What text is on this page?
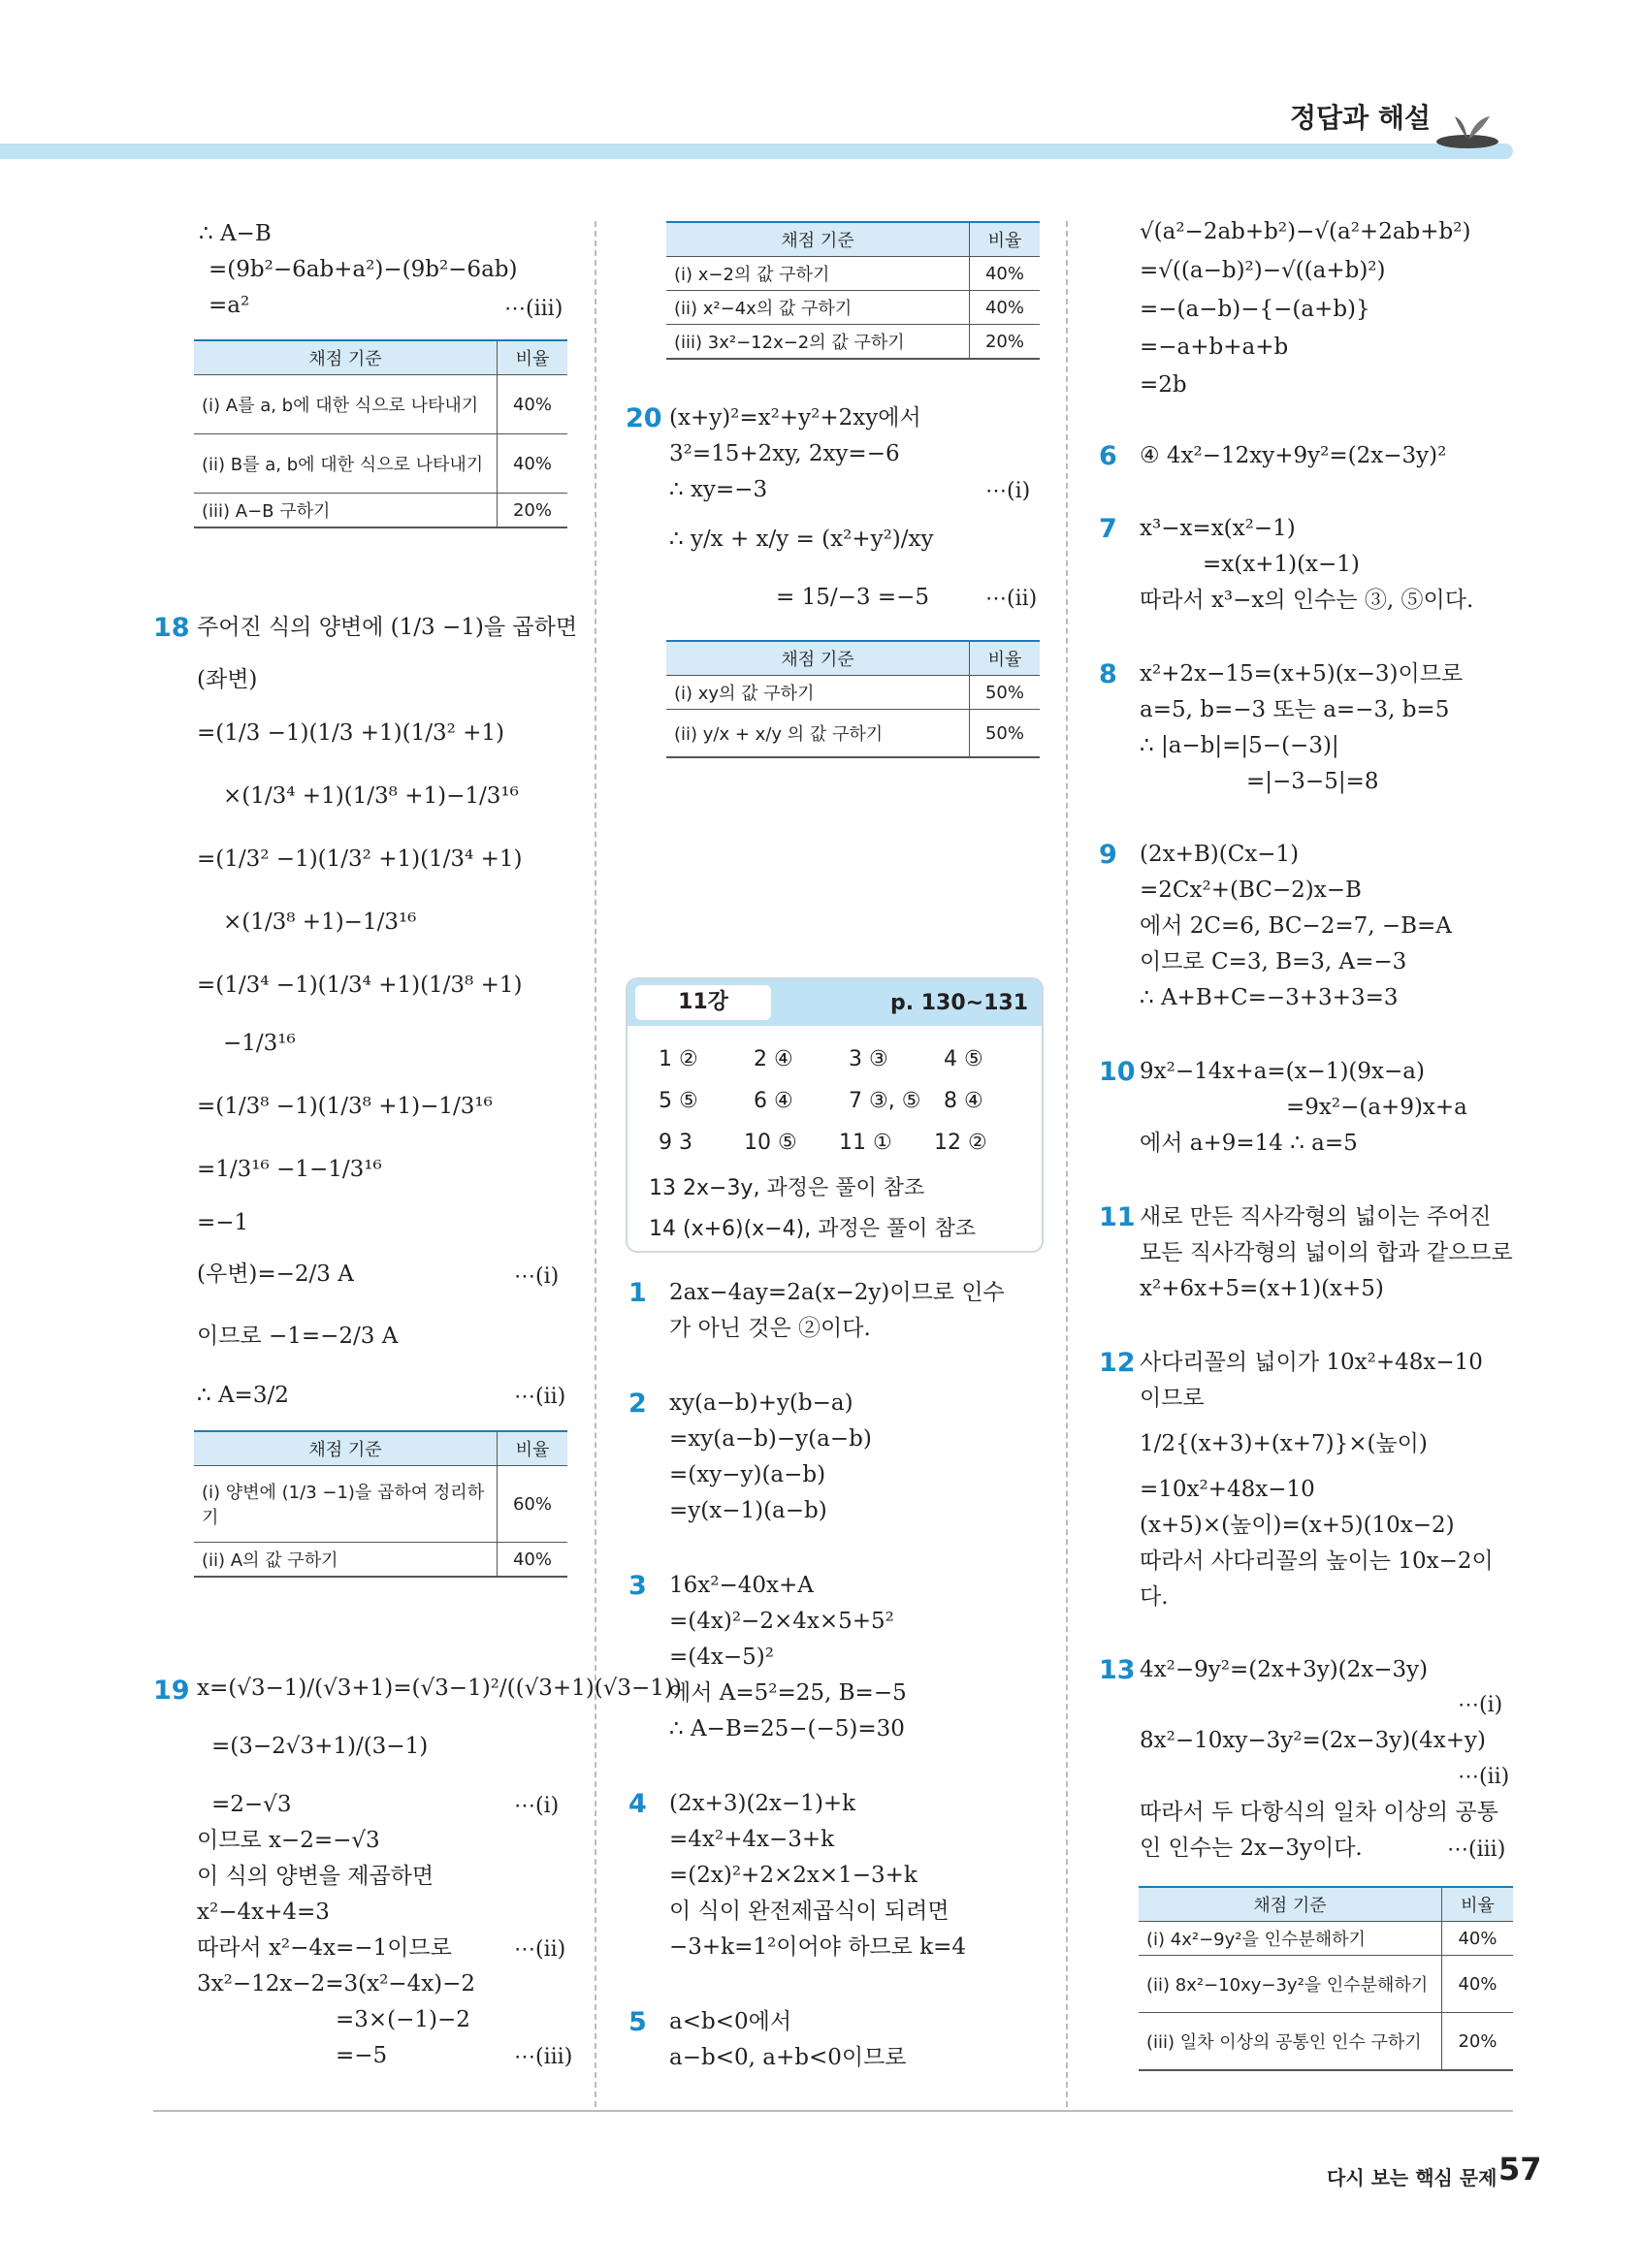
정답과 해설
∴ A−B
=(9b²−6ab+a²)−(9b²−6ab)
=a²	⋯(iii)
채점 기준	비율
(i) A를 a, b에 대한 식으로 나타내기	40%
(ii) B를 a, b에 대한 식으로 나타내기	40%
(iii) A−B 구하기	20%
18 주어진 식의 양변에 (1/3 −1)을 곱하면
(좌변)
=(1/3 −1)(1/3 +1)(1/3² +1)
×(1/3⁴ +1)(1/3⁸ +1)−1/3¹⁶
=(1/3² −1)(1/3² +1)(1/3⁴ +1)
×(1/3⁸ +1)−1/3¹⁶
=(1/3⁴ −1)(1/3⁴ +1)(1/3⁸ +1)
−1/3¹⁶
=(1/3⁸ −1)(1/3⁸ +1)−1/3¹⁶
=1/3¹⁶ −1−1/3¹⁶
=−1
(우변)=−2/3 A	⋯(i)
이므로 −1=−2/3 A
∴ A=3/2	⋯(ii)
채점 기준	비율
(i) 양변에 (1/3 −1)을 곱하여 정리하기	60%
(ii) A의 값 구하기	40%
19 x=(√3−1)/(√3+1)=(√3−1)²/((√3+1)(√3−1))
=(3−2√3+1)/(3−1)
=2−√3	⋯(i)
이므로 x−2=−√3
이 식의 양변을 제곱하면
x²−4x+4=3
따라서 x²−4x=−1이므로	⋯(ii)
3x²−12x−2=3(x²−4x)−2
=3×(−1)−2
=−5	⋯(iii)
채점 기준	비율
(i) x−2의 값 구하기	40%
(ii) x²−4x의 값 구하기	40%
(iii) 3x²−12x−2의 값 구하기	20%
20 (x+y)²=x²+y²+2xy에서
3²=15+2xy, 2xy=−6
∴ xy=−3	⋯(i)
∴ y/x + x/y = (x²+y²)/xy
= 15/−3 =−5	⋯(ii)
채점 기준	비율
(i) xy의 값 구하기	50%
(ii) y/x + x/y 의 값 구하기	50%
11강	p. 130~131
1 ②	2 ④	3 ③	4 ⑤
5 ⑤	6 ④	7 ③, ⑤ 8 ④
9 3 10 ⑤ 11 ① 12 ②
13 2x−3y, 과정은 풀이 참조
14 (x+6)(x−4), 과정은 풀이 참조
1 2ax−4ay=2a(x−2y)이므로 인수
가 아닌 것은 ②이다.
2 xy(a−b)+y(b−a)
=xy(a−b)−y(a−b)
=(xy−y)(a−b)
=y(x−1)(a−b)
3 16x²−40x+A
=(4x)²−2×4x×5+5²
=(4x−5)²
에서 A=5²=25, B=−5
∴ A−B=25−(−5)=30
4 (2x+3)(2x−1)+k
=4x²+4x−3+k
=(2x)²+2×2x×1−3+k
이 식이 완전제곱식이 되려면
−3+k=1²이어야 하므로 k=4
5 a<b<0에서
a−b<0, a+b<0이므로
√(a²−2ab+b²)−√(a²+2ab+b²)
=√((a−b)²)−√((a+b)²)
=−(a−b)−{−(a+b)}
=−a+b+a+b
=2b
6 ④ 4x²−12xy+9y²=(2x−3y)²
7 x³−x=x(x²−1)
=x(x+1)(x−1)
따라서 x³−x의 인수는 ③, ⑤이다.
8 x²+2x−15=(x+5)(x−3)이므로
a=5, b=−3 또는 a=−3, b=5
∴ |a−b|=|5−(−3)|
=|−3−5|=8
9 (2x+B)(Cx−1)
=2Cx²+(BC−2)x−B
에서 2C=6, BC−2=7, −B=A
이므로 C=3, B=3, A=−3
∴ A+B+C=−3+3+3=3
10 9x²−14x+a=(x−1)(9x−a)
=9x²−(a+9)x+a
에서 a+9=14 ∴ a=5
11 새로 만든 직사각형의 넓이는 주어진
모든 직사각형의 넓이의 합과 같으므로
x²+6x+5=(x+1)(x+5)
12 사다리꼴의 넓이가 10x²+48x−10
이므로
1/2{(x+3)+(x+7)}×(높이)
=10x²+48x−10
(x+5)×(높이)=(x+5)(10x−2)
따라서 사다리꼴의 높이는 10x−2이
다.
13 4x²−9y²=(2x+3y)(2x−3y)
⋯(i)
8x²−10xy−3y²=(2x−3y)(4x+y)
⋯(ii)
따라서 두 다항식의 일차 이상의 공통
인 인수는 2x−3y이다.	⋯(iii)
채점 기준	비율
(i) 4x²−9y²을 인수분해하기	40%
(ii) 8x²−10xy−3y²을 인수분해하기	40%
(iii) 일차 이상의 공통인 인수 구하기	20%
다시 보는 핵심 문제 57
